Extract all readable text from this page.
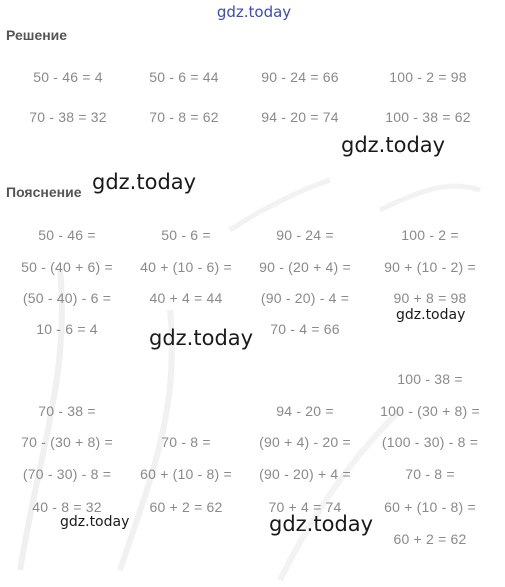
gdz.today
Решение
50 - 46 = 4	50 - 6 = 44	90 - 24 = 66	100 - 2 = 98
70 - 38 = 32	70 - 8 = 62	94 - 20 = 74	100 - 38 = 62
gdz.today
Пояснение gdz.today
50 - 46 =
50 - (40 + 6) =
(50 - 40) - 6 =
10 - 6 = 4
50 - 6 =
40 + (10 - 6) =
40 + 4 = 44
90 - 24 =
90 - (20 + 4) =
(90 - 20) - 4 =
70 - 4 = 66
100 - 2 =
90 + (10 - 2) =
90 + 8 = 98
gdz.today
gdz.today
100 - 38 =
70 - 38 =
70 - (30 + 8) =
(70 - 30) - 8 =
40 - 8 = 32
70 - 8 =
60 + (10 - 8) =
60 + 2 = 62
94 - 20 =
(90 + 4) - 20 =
(90 - 20) + 4 =
70 + 4 = 74
100 - (30 + 8) =
(100 - 30) - 8 =
70 - 8 =
60 + (10 - 8) =
60 + 2 = 62
gdz.today	gdz.today
